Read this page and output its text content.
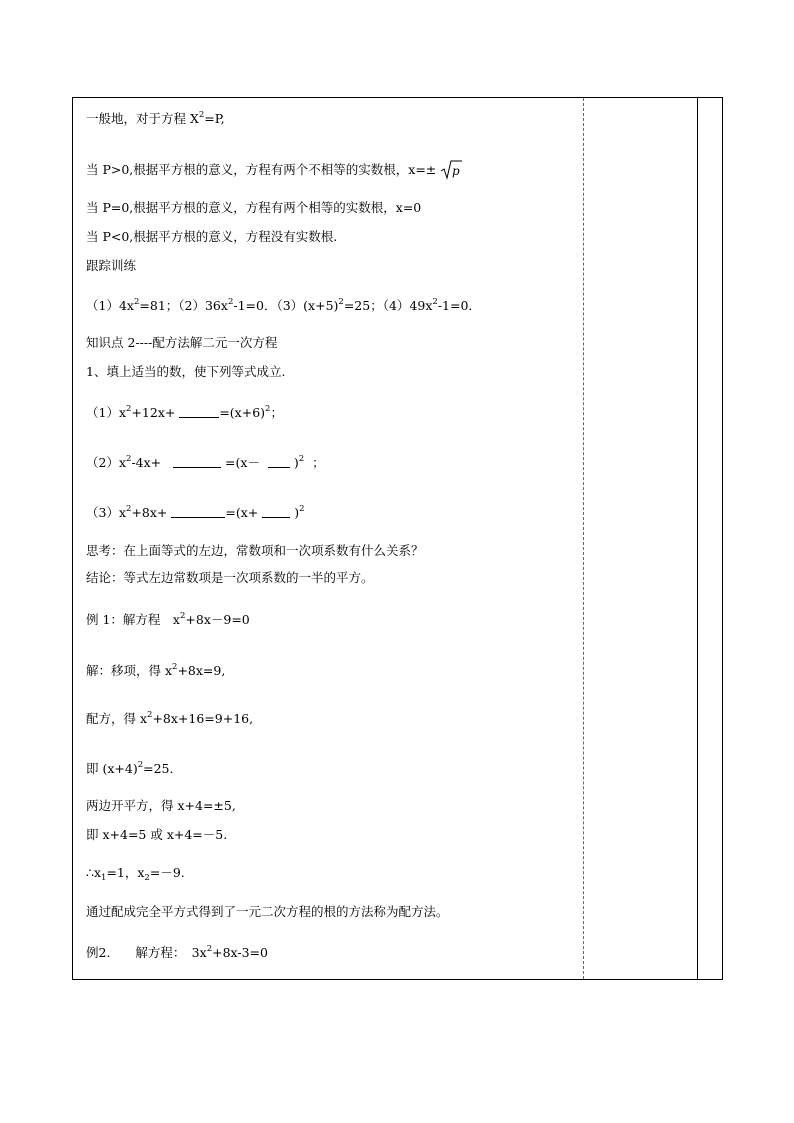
一般地，对于方程 $X^2=P$,
当 P>0,根据平方根的意义，方程有两个不相等的实数根，x=± p
当 P=0,根据平方根的意义，方程有两个相等的实数根，x=0
当 P<0,根据平方根的意义，方程没有实数根.
跟踪训练
$(1)4x^2=81$；$(2)36x^2-1=0$．$(3)(x+5)^2=25$；$(4)49x^2-1=0$．
知识点 2----配方法解二元一次方程
1、填上适当的数，使下列等式成立.
$(1)x^2+12x+$	$=(x+6)^2$；
$(2)x^2-4x+$	=(x－	)$^2$ ；
$(3)x^2+8x+$	=(x+	)$^2$
思考：在上面等式的左边，常数项和一次项系数有什么关系？
结论：等式左边常数项是一次项系数的一半的平方。
例 1：解方程　$x^2+8x-9=0$
解：移项，得 $x^2+8x=9$,
配方，得 $x^2+8x+16=9+16$,
即 $(x+4)^2=25$.
两边开平方，得 x+4=±5,
即 x+4=5 或 x+4=－5.
$\therefore x_1=1$，$x_2=-9$.
通过配成完全平方式得到了一元二次方程的根的方法称为配方法。
例2.　　解方程：　$3x^2+8x-3=0$
